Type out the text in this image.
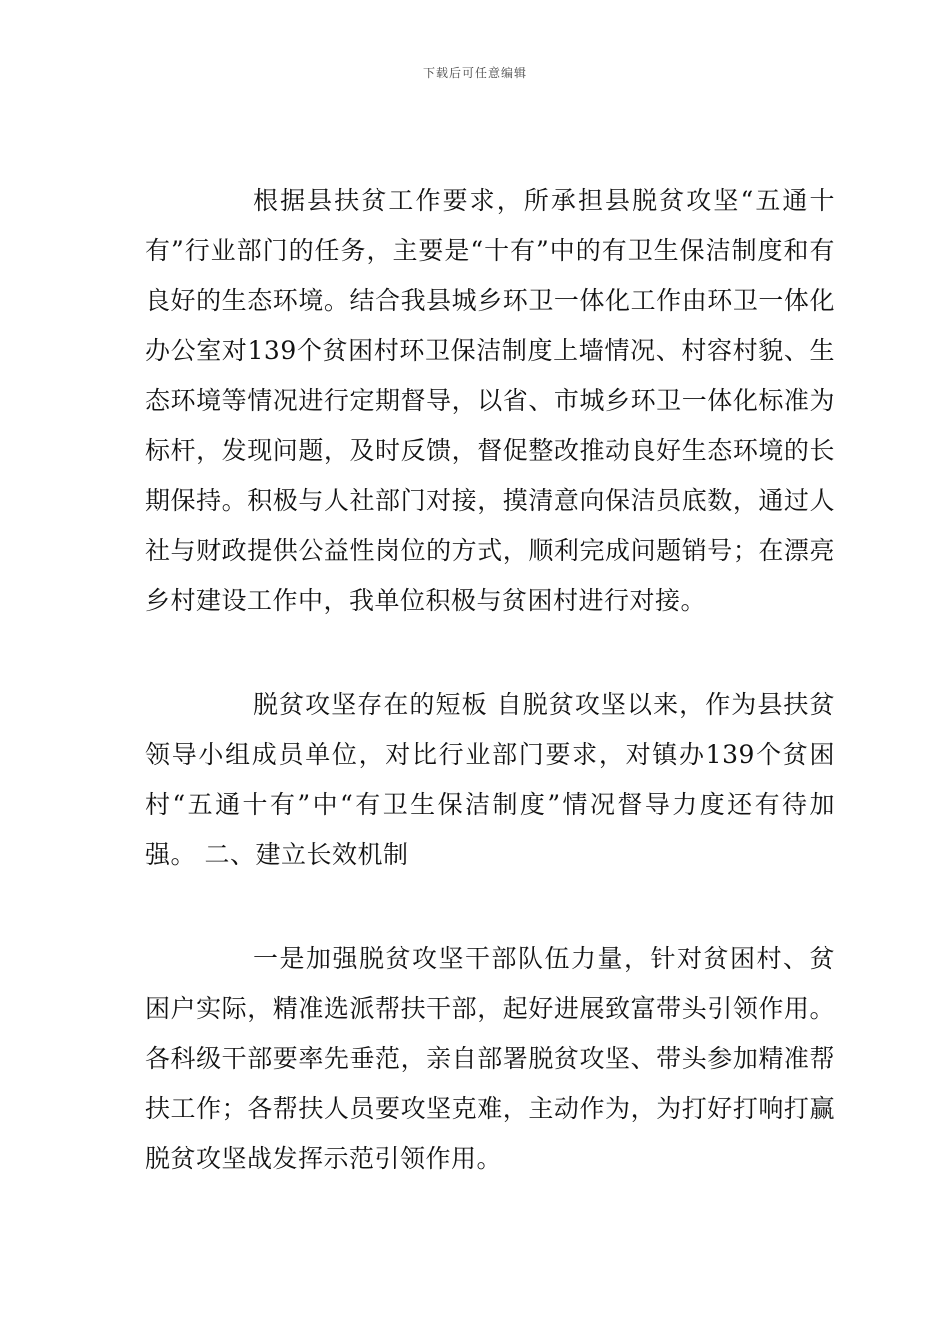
下载后可任意编辑

根据县扶贫工作要求，所承担县脱贫攻坚“五通十有”行业部门的任务，主要是“十有”中的有卫生保洁制度和有良好的生态环境。结合我县城乡环卫一体化工作由环卫一体化办公室对139个贫困村环卫保洁制度上墙情况、村容村貌、生态环境等情况进行定期督导，以省、市城乡环卫一体化标准为标杆，发现问题，及时反馈，督促整改推动良好生态环境的长期保持。积极与人社部门对接，摸清意向保洁员底数，通过人社与财政提供公益性岗位的方式，顺利完成问题销号；在漂亮乡村建设工作中，我单位积极与贫困村进行对接。

脱贫攻坚存在的短板 自脱贫攻坚以来，作为县扶贫领导小组成员单位，对比行业部门要求，对镇办139个贫困村“五通十有”中“有卫生保洁制度”情况督导力度还有待加强。 二、建立长效机制

一是加强脱贫攻坚干部队伍力量，针对贫困村、贫困户实际，精准选派帮扶干部，起好进展致富带头引领作用。各科级干部要率先垂范，亲自部署脱贫攻坚、带头参加精准帮扶工作；各帮扶人员要攻坚克难，主动作为，为打好打响打赢脱贫攻坚战发挥示范引领作用。
